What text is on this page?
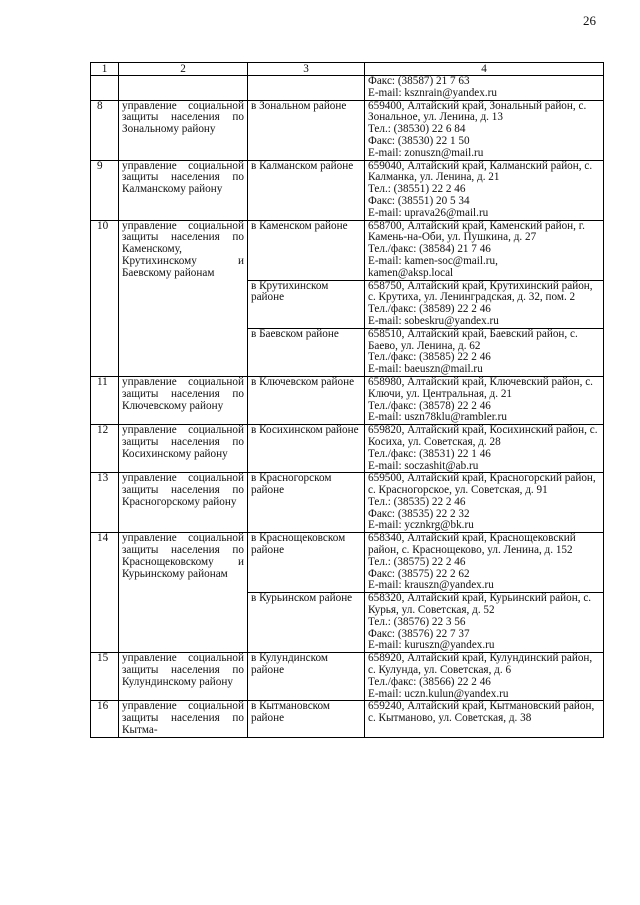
26
1	2	3	4

			Факс: (38587) 21 7 63
E-mail: ksznrain@yandex.ru

8	управление социальной защиты населения по Зональному району	в Зональном районе	659400, Алтайский край, Зональный район, с. Зональное, ул. Ленина, д. 13
Тел.: (38530) 22 6 84
Факс: (38530) 22 1 50
E-mail: zonuszn@mail.ru

9	управление социальной защиты населения по Калманскому району	в Калманском районе	659040, Алтайский край, Калманский район, с. Калманка, ул. Ленина, д. 21
Тел.: (38551) 22 2 46
Факс: (38551) 20 5 34
E-mail: uprava26@mail.ru

10	управление социальной защиты населения по Каменскому, Крутихинскому и Баевскому районам	в Каменском районе	658700, Алтайский край, Каменский район, г. Камень-на-Оби, ул. Пушкина, д. 27
Тел./факс: (38584) 21 7 46
E-mail: kamen-soc@mail.ru,
kamen@aksp.local

		в Крутихинском районе	658750, Алтайский край, Крутихинский район, с. Крутиха, ул. Ленинградская, д. 32, пом. 2
Тел./факс: (38589) 22 2 46
E-mail: sobeskru@yandex.ru

		в Баевском районе	658510, Алтайский край, Баевский район, с. Баево, ул. Ленина, д. 62
Тел./факс: (38585) 22 2 46
E-mail: baeuszn@mail.ru

11	управление социальной защиты населения по Ключевскому району	в Ключевском районе	658980, Алтайский край, Ключевский район, с. Ключи, ул. Центральная, д. 21
Тел./факс: (38578) 22 2 46
E-mail: uszn78klu@rambler.ru

12	управление социальной защиты населения по Косихинскому району	в Косихинском районе	659820, Алтайский край, Косихинский район, с. Косиха, ул. Советская, д. 28
Тел./факс: (38531) 22 1 46
E-mail: soczashit@ab.ru

13	управление социальной защиты населения по Красногорскому району	в Красногорском районе	659500, Алтайский край, Красногорский район, с. Красногорское, ул. Советская, д. 91
Тел.: (38535) 22 2 46
Факс: (38535) 22 2 32
E-mail: ycznkrg@bk.ru

14	управление социальной защиты населения по Краснощековскому и Курьинскому районам	в Краснощековском районе	658340, Алтайский край, Краснощековский район, с. Краснощеково, ул. Ленина, д. 152
Тел.: (38575) 22 2 46
Факс: (38575) 22 2 62
E-mail: krauszn@yandex.ru

		в Курьинском районе	658320, Алтайский край, Курьинский район, с. Курья, ул. Советская, д. 52
Тел.: (38576) 22 3 56
Факс: (38576) 22 7 37
E-mail: kuruszn@yandex.ru

15	управление социальной защиты населения по Кулундинскому району	в Кулундинском районе	658920, Алтайский край, Кулундинский район, с. Кулунда, ул. Советская, д. 6
Тел./факс: (38566) 22 2 46
E-mail: uczn.kulun@yandex.ru

16	управление социальной защиты населения по Кытма-	в Кытмановском районе	659240, Алтайский край, Кытмановский район, с. Кытманово, ул. Советская, д. 38
